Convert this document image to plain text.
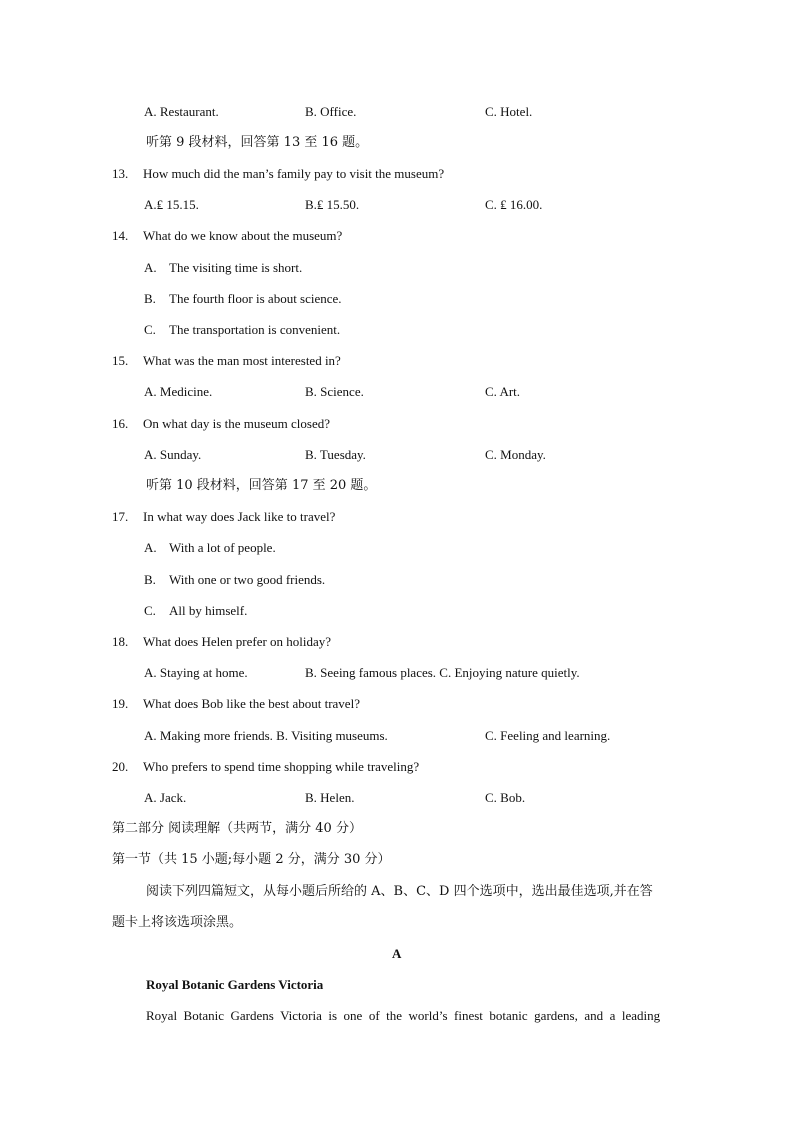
A. Restaurant.	B. Office.	C. Hotel.
听第 9 段材料，回答第 13 至 16 题。
13. How much did the man’s family pay to visit the museum?
A.₤ 15.15.	B.₤ 15.50.	C. ₤ 16.00.
14. What do we know about the museum?
A. The visiting time is short.
B. The fourth floor is about science.
C. The transportation is convenient.
15. What was the man most interested in?
A. Medicine.	B. Science.	C. Art.
16. On what day is the museum closed?
A. Sunday.	B. Tuesday.	C. Monday.
听第 10 段材料，回答第 17 至 20 题。
17. In what way does Jack like to travel?
A. With a lot of people.
B. With one or two good friends.
C. All by himself.
18. What does Helen prefer on holiday?
A. Staying at home.	B. Seeing famous places. C. Enjoying nature quietly.
19. What does Bob like the best about travel?
A. Making more friends. B. Visiting museums.	C. Feeling and learning.
20. Who prefers to spend time shopping while traveling?
A. Jack.	B. Helen.	C. Bob.
第二部分 阅读理解（共两节，满分 40 分）
第一节（共 15 小题;每小题 2 分，满分 30 分）
阅读下列四篇短文，从每小题后所给的 A、B、C、D 四个选项中，选出最佳选项,并在答
题卡上将该选项涂黑。
A
Royal Botanic Gardens Victoria
Royal  Botanic  Gardens  Victoria  is  one  of  the  world’s  finest  botanic  gardens,  and  a  leading
